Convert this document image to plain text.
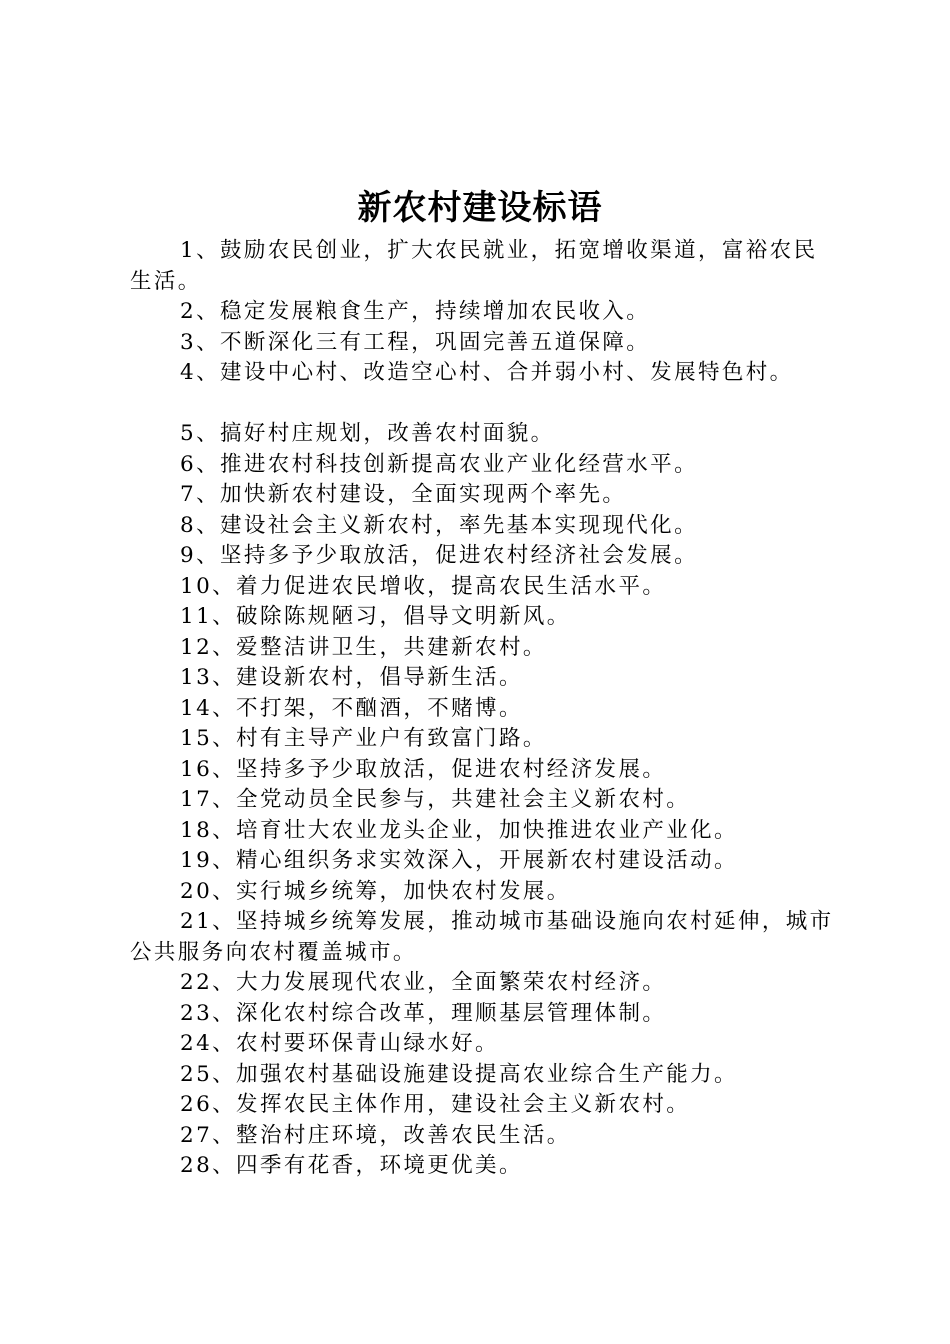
新农村建设标语

1、鼓励农民创业，扩大农民就业，拓宽增收渠道，富裕农民生活。

2、稳定发展粮食生产，持续增加农民收入。

3、不断深化三有工程，巩固完善五道保障。

4、建设中心村、改造空心村、合并弱小村、发展特色村。

5、搞好村庄规划，改善农村面貌。

6、推进农村科技创新提高农业产业化经营水平。

7、加快新农村建设，全面实现两个率先。

8、建设社会主义新农村，率先基本实现现代化。

9、坚持多予少取放活，促进农村经济社会发展。

10、着力促进农民增收，提高农民生活水平。

11、破除陈规陋习，倡导文明新风。

12、爱整洁讲卫生，共建新农村。

13、建设新农村，倡导新生活。

14、不打架，不酗酒，不赌博。

15、村有主导产业户有致富门路。

16、坚持多予少取放活，促进农村经济发展。

17、全党动员全民参与，共建社会主义新农村。

18、培育壮大农业龙头企业，加快推进农业产业化。

19、精心组织务求实效深入，开展新农村建设活动。

20、实行城乡统筹，加快农村发展。

21、坚持城乡统筹发展，推动城市基础设施向农村延伸，城市公共服务向农村覆盖城市。

22、大力发展现代农业，全面繁荣农村经济。

23、深化农村综合改革，理顺基层管理体制。

24、农村要环保青山绿水好。

25、加强农村基础设施建设提高农业综合生产能力。

26、发挥农民主体作用，建设社会主义新农村。

27、整治村庄环境，改善农民生活。

28、四季有花香，环境更优美。
